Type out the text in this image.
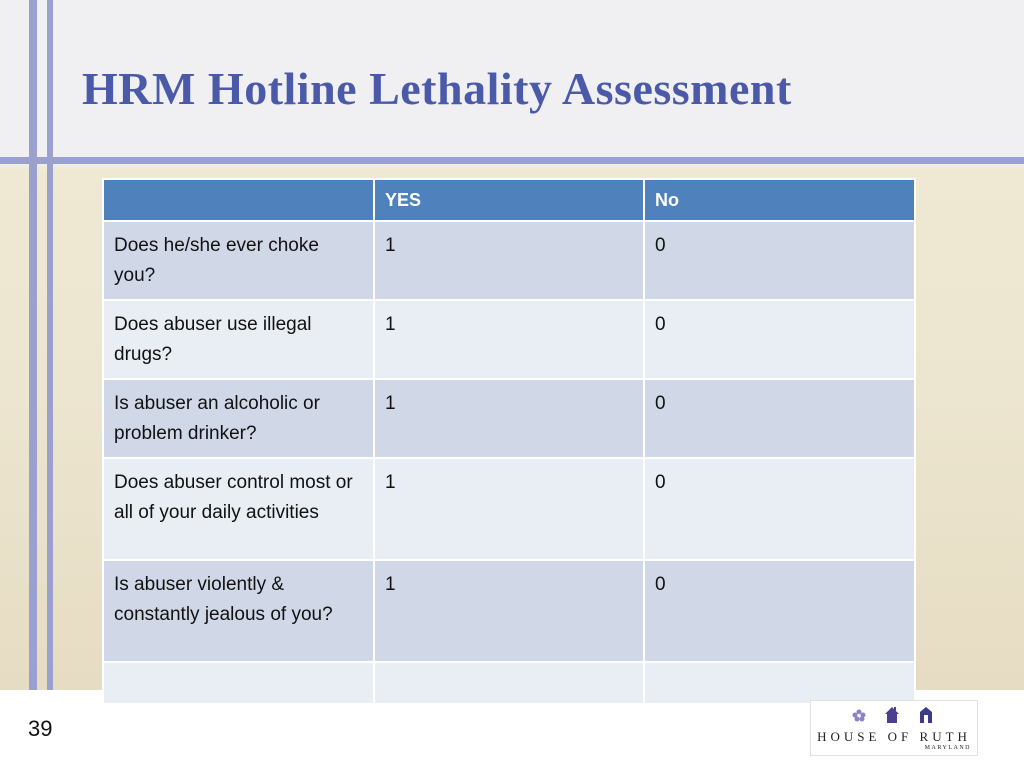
HRM Hotline Lethality Assessment
	YES	No
Does he/she ever choke you?	1	0
Does abuser use illegal drugs?	1	0
Is abuser an alcoholic or problem drinker?	1	0
Does abuser control most or all of your daily activities	1	0
Is abuser violently & constantly jealous of you?	1	0

39	HOUSE OF RUTH
MARYLAND
